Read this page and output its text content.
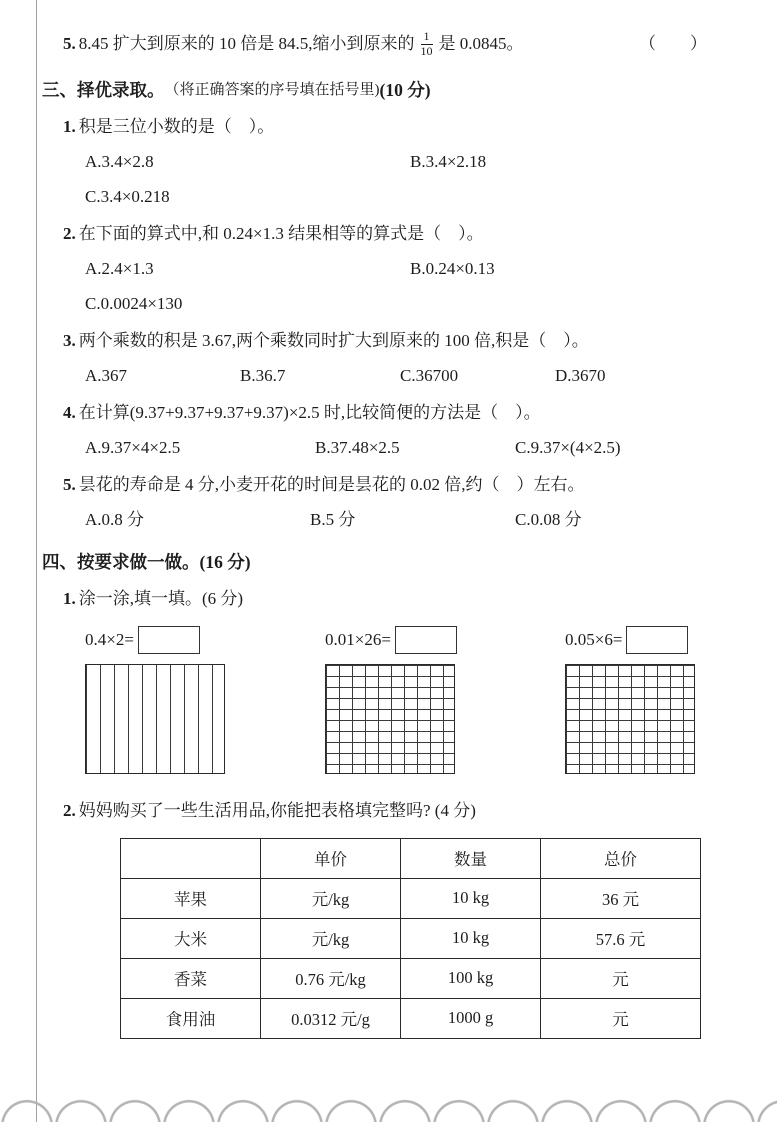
5. 8.45 扩大到原来的 10 倍是 84.5,缩小到原来的 $\frac{1}{10}$ 是 0.0845。	（　　）
三、择优录取。 （将正确答案的序号填在括号里) (10 分)
1. 积是三位小数的是（　）。
A.3.4×2.8	B.3.4×2.18
C.3.4×0.218
2. 在下面的算式中,和 0.24×1.3 结果相等的算式是（　）。
A.2.4×1.3	B.0.24×0.13
C.0.0024×130
3. 两个乘数的积是 3.67,两个乘数同时扩大到原来的 100 倍,积是（　）。
A.367	B.36.7	C.36700	D.3670
4. 在计算(9.37+9.37+9.37+9.37)×2.5 时,比较简便的方法是（　）。
A.9.37×4×2.5	B.37.48×2.5	C.9.37×(4×2.5)
5. 昙花的寿命是 4 分,小麦开花的时间是昙花的 0.02 倍,约（　）左右。
A.0.8 分	B.5 分	C.0.08 分
四、按要求做一做。 (16 分)
1. 涂一涂,填一填。(6 分)
0.4×2=	0.01×26=	0.05×6=
2. 妈妈购买了一些生活用品,你能把表格填完整吗? (4 分)
	单价	数量	总价
苹果	元/kg	10 kg	36 元
大米	元/kg	10 kg	57.6 元
香菜	0.76 元/kg	100 kg	元
食用油	0.0312 元/g	1000 g	元
